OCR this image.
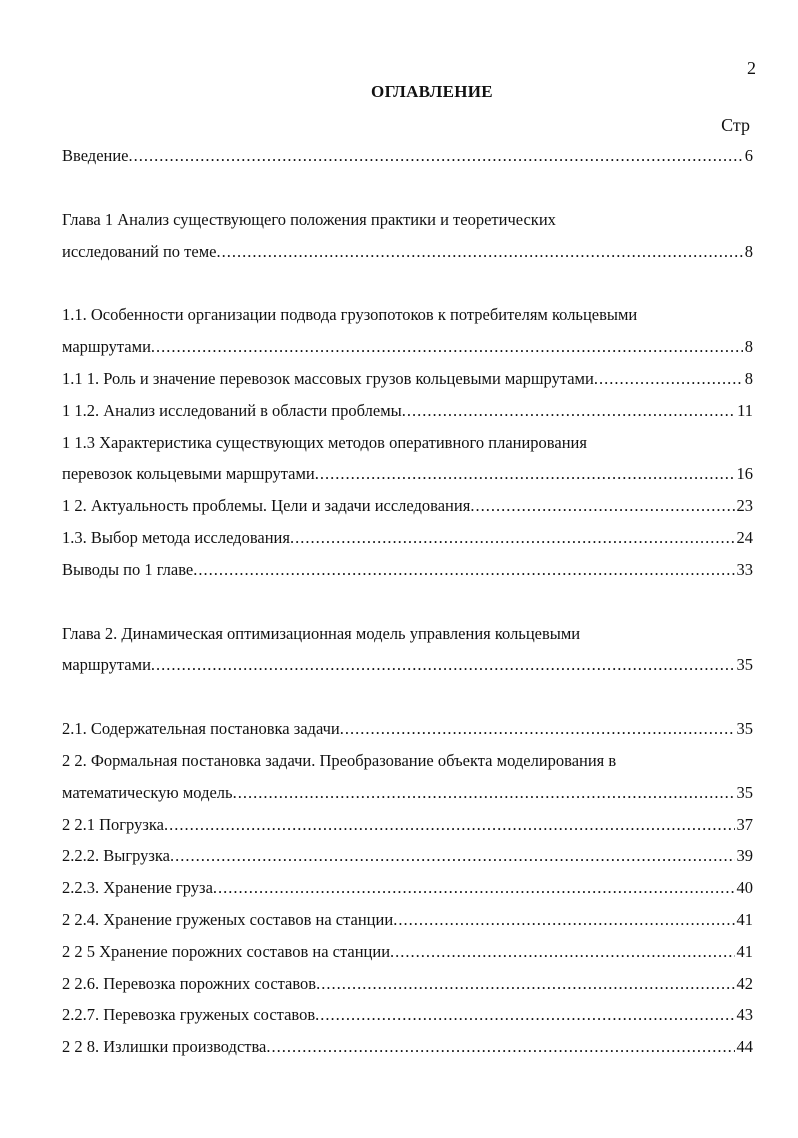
2
ОГЛАВЛЕНИЕ
Стр
Введение .....	6
Глава 1 Анализ существующего положения практики и теоретических
исследований по теме .....	8
1.1. Особенности организации подвода грузопотоков к потребителям кольцевыми
маршрутами .....	8
1.1 1. Роль и значение перевозок массовых грузов кольцевыми маршрутами .....	8
1 1.2. Анализ исследований в области проблемы .....	11
1 1.3 Характеристика существующих методов оперативного планирования
перевозок кольцевыми маршрутами .....	16
1 2. Актуальность проблемы. Цели и задачи исследования .....	23
1.3. Выбор метода исследования .....	24
Выводы по 1 главе .....	33
Глава 2. Динамическая оптимизационная модель управления кольцевыми
маршрутами .....	35
2.1. Содержательная постановка задачи .....	35
2 2. Формальная постановка задачи. Преобразование объекта моделирования в
математическую модель .....	35
2 2.1 Погрузка .....	37
2.2.2. Выгрузка .....	39
2.2.3. Хранение груза .....	40
2 2.4. Хранение груженых составов на станции .....	41
2 2 5 Хранение порожних составов на станции .....	41
2 2.6. Перевозка порожних составов .....	42
2.2.7. Перевозка груженых составов .....	43
2 2 8. Излишки производства .....	44
